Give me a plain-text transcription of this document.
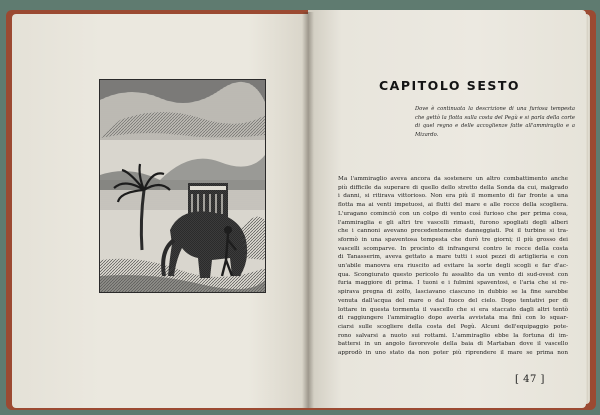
CAPITOLO SESTO
Dove è continuata la descrizione di una furiosa tempesta che gettò la flotta sulla costa del Pegù e si parla della corte di quel regno e delle accoglienze fatte all'ammiraglio e a Mizardo.
Ma l'ammiraglio aveva ancora da sostenere un altro combattimento anche
più difficile da superare di quello dello stretto della Sonda da cui, malgrado
i danni, si ritirava vittorioso. Non era più il momento di far fronte a una
flotta ma ai venti impetuosi, ai flutti del mare e alle rocce della scogliera.
L'uragano cominciò con un colpo di vento così furioso che per prima cosa,
l'ammiraglia e gli altri tre vascelli rimasti, furono spogliati degli alberi
che i cannoni avevano precedentemente danneggiati. Poi il turbine si tra-
sformò in una spaventosa tempesta che durò tre giorni; il più grosso dei
vascelli scomparve. In procinto di infrangersi contro le rocce della costa
di Tanasserim, aveva gettato a mare tutti i suoi pezzi di artiglieria e con
un'abile manovra era riuscito ad evitare la sorte degli scogli e far d'ac-
qua. Scongiurato questo pericolo fu assalito da un vento di sud-ovest con
furia maggiore di prima. I tuoni e i fulmini spaventosi, e l'aria che si re-
spirava pregna di zolfo, lasciavano ciascuno in dubbio se la fine sarebbe
venuta dall'acqua del mare o dal fuoco del cielo. Dopo tentativi per di
lottare in questa tormenta il vascello che si era staccato dagli altri tentò
di raggiungere l'ammiraglio dopo averla avvistata ma finì con lo squar-
ciarsi sulle scogliere della costa del Pegù. Alcuni dell'equipaggio pote-
rono salvarsi a nuoto sui rottami. L'ammiraglio ebbe la fortuna di im-
battersi in un angolo favorevole della baia di Martaban dove il vascello
approdò in uno stato da non poter più riprendere il mare se prima non
[ 47 ]
